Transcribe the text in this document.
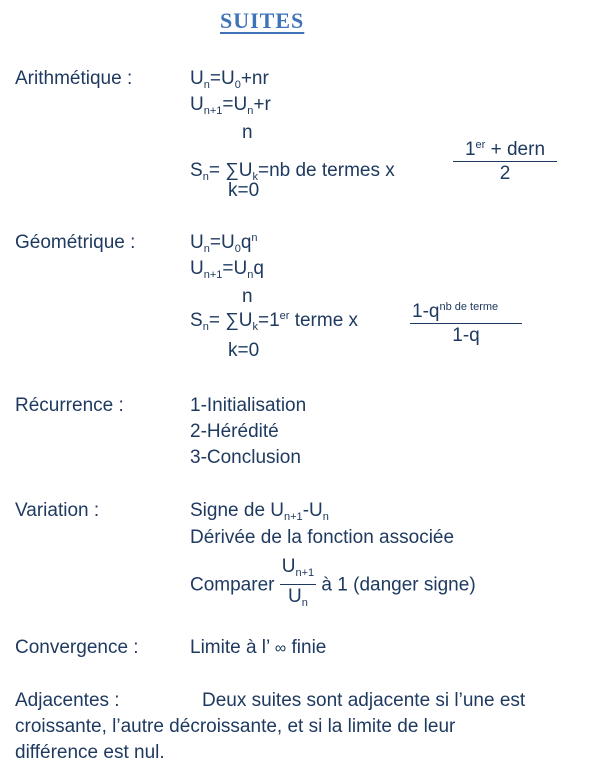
SUITES
Arithmétique :	$U_n=U_0+nr$
$U_{n+1}=U_n+r$
n
$S_n= \sum U_k=nb$ de termes x
k=0
$\frac{1^{er} + dern}{2}$
Géométrique :	$U_n=U_0q^n$
$U_{n+1}=U_nq$
n
$S_n= \sum U_k=1er$ terme x
k=0
$\frac{1-q^{nb de terme}}{1-q}$
Récurrence :	1-Initialisation
2-Hérédité
3-Conclusion
Variation :	Signe de $U_{n+1}-U_n$
Dérivée de la fonction associée
Comparer $\frac{U_{n+1}}{U_n}$ à 1 (danger signe)
Convergence :	Limite à l’ ∞ finie
Adjacentes :	Deux suites sont adjacente si l’une est
croissante, l’autre décroissante, et si la limite de leur
différence est nul.
